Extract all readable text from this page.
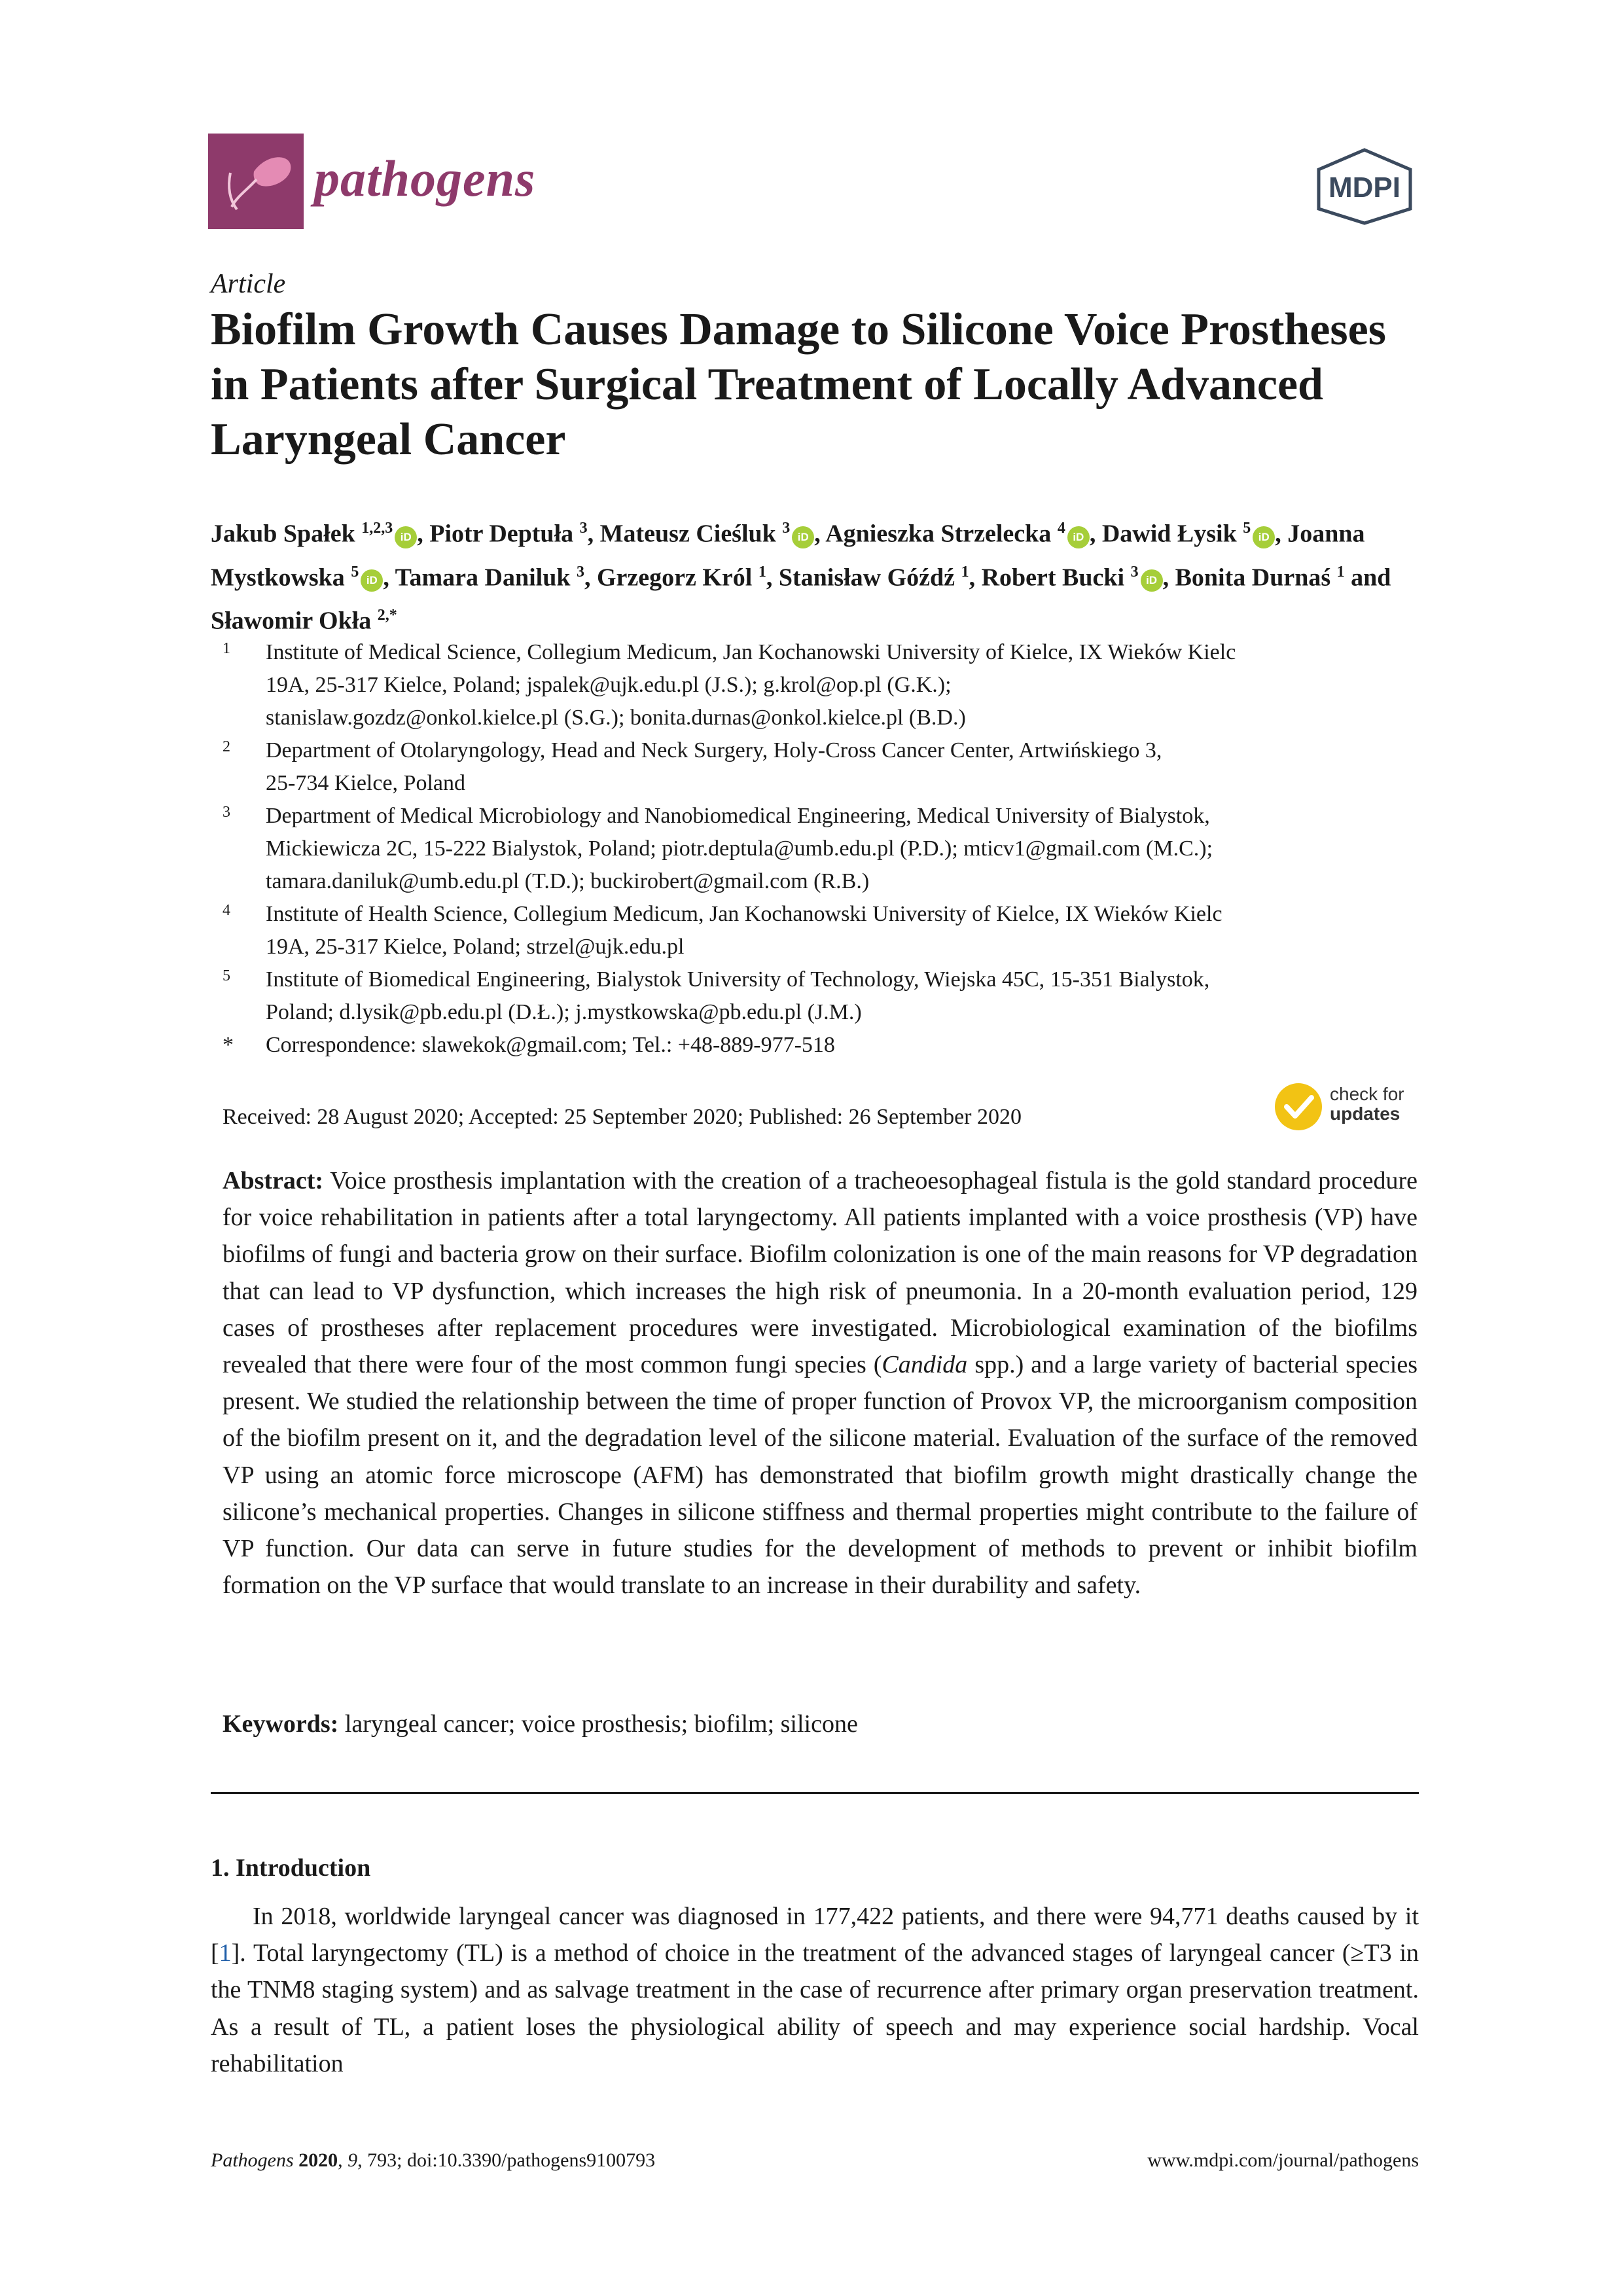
pathogens	MDPI
Article
Biofilm Growth Causes Damage to Silicone Voice Prostheses in Patients after Surgical Treatment of Locally Advanced Laryngeal Cancer
Jakub Spałek $^{1,2,3}$iD , Piotr Deptuła $^3$, Mateusz Cieśluk $^3$iD , Agnieszka Strzelecka $^4$iD , Dawid Łysik $^5$iD , Joanna Mystkowska $^5$iD , Tamara Daniluk $^3$, Grzegorz Król $^1$, Stanisław Góźdź $^1$, Robert Bucki $^3$iD , Bonita Durnaś $^1$ and Sławomir Okła $^{2,*}$
1 Institute of Medical Science, Collegium Medicum, Jan Kochanowski University of Kielce, IX Wieków Kielc
19A, 25-317 Kielce, Poland; jspalek@ujk.edu.pl (J.S.); g.krol@op.pl (G.K.);
stanislaw.gozdz@onkol.kielce.pl (S.G.); bonita.durnas@onkol.kielce.pl (B.D.)
2 Department of Otolaryngology, Head and Neck Surgery, Holy-Cross Cancer Center, Artwińskiego 3,
25-734 Kielce, Poland
3 Department of Medical Microbiology and Nanobiomedical Engineering, Medical University of Bialystok,
Mickiewicza 2C, 15-222 Bialystok, Poland; piotr.deptula@umb.edu.pl (P.D.); mticv1@gmail.com (M.C.);
tamara.daniluk@umb.edu.pl (T.D.); buckirobert@gmail.com (R.B.)
4 Institute of Health Science, Collegium Medicum, Jan Kochanowski University of Kielce, IX Wieków Kielc
19A, 25-317 Kielce, Poland; strzel@ujk.edu.pl
5 Institute of Biomedical Engineering, Bialystok University of Technology, Wiejska 45C, 15-351 Bialystok,
Poland; d.lysik@pb.edu.pl (D.Ł.); j.mystkowska@pb.edu.pl (J.M.)
* Correspondence: slawekok@gmail.com; Tel.: +48-889-977-518
Received: 28 August 2020; Accepted: 25 September 2020; Published: 26 September 2020
check for
updates
Abstract: Voice prosthesis implantation with the creation of a tracheoesophageal fistula is the gold standard procedure for voice rehabilitation in patients after a total laryngectomy. All patients implanted with a voice prosthesis (VP) have biofilms of fungi and bacteria grow on their surface. Biofilm colonization is one of the main reasons for VP degradation that can lead to VP dysfunction, which increases the high risk of pneumonia. In a 20-month evaluation period, 129 cases of prostheses after replacement procedures were investigated. Microbiological examination of the biofilms revealed that there were four of the most common fungi species (Candida spp.) and a large variety of bacterial species present. We studied the relationship between the time of proper function of Provox VP, the microorganism composition of the biofilm present on it, and the degradation level of the silicone material. Evaluation of the surface of the removed VP using an atomic force microscope (AFM) has demonstrated that biofilm growth might drastically change the silicone’s mechanical properties. Changes in silicone stiffness and thermal properties might contribute to the failure of VP function. Our data can serve in future studies for the development of methods to prevent or inhibit biofilm formation on the VP surface that would translate to an increase in their durability and safety.
Keywords: laryngeal cancer; voice prosthesis; biofilm; silicone
1. Introduction
In 2018, worldwide laryngeal cancer was diagnosed in 177,422 patients, and there were 94,771 deaths caused by it [1]. Total laryngectomy (TL) is a method of choice in the treatment of the advanced stages of laryngeal cancer (≥T3 in the TNM8 staging system) and as salvage treatment in the case of recurrence after primary organ preservation treatment. As a result of TL, a patient loses the physiological ability of speech and may experience social hardship. Vocal rehabilitation
Pathogens 2020, 9, 793; doi:10.3390/pathogens9100793	www.mdpi.com/journal/pathogens
